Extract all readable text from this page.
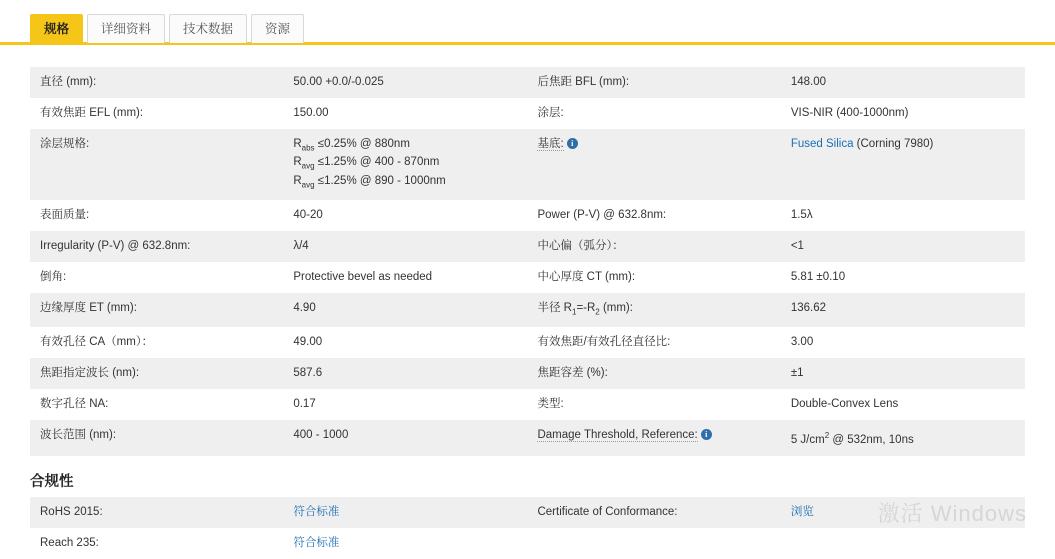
规格	详细资料	技术数据	资源
直径 (mm):	50.00 +0.0/-0.025	后焦距 BFL (mm):	148.00
有效焦距 EFL (mm):	150.00	涂层:	VIS-NIR (400-1000nm)
涂层规格:	$R_{abs} \le 0.25\%$ @ 880nm
$R_{avg} \le 1.25\%$ @ 400 - 870nm
$R_{avg} \le 1.25\%$ @ 890 - 1000nm	基底: i	Fused Silica (Corning 7980)
表面质量:	40-20	Power (P-V) @ 632.8nm:	1.5λ
Irregularity (P-V) @ 632.8nm:	λ/4	中心偏（弧分）：	<1
倒角:	Protective bevel as needed	中心厚度 CT (mm):	5.81 ±0.10
边缘厚度 ET (mm):	4.90	半径 $R_1=-R_2$ (mm):	136.62
有效孔径 CA（mm）：	49.00	有效焦距/有效孔径直径比:	3.00
焦距指定波长 (nm):	587.6	焦距容差 (%):	±1
数字孔径 NA:	0.17	类型:	Double-Convex Lens
波长范围 (nm):	400 - 1000	Damage Threshold, Reference: i	5 $J/cm^2$ @ 532nm, 10ns
合规性
RoHS 2015:	符合标准	Certificate of Conformance:	浏览
Reach 235:	符合标准		
激活 Windows
